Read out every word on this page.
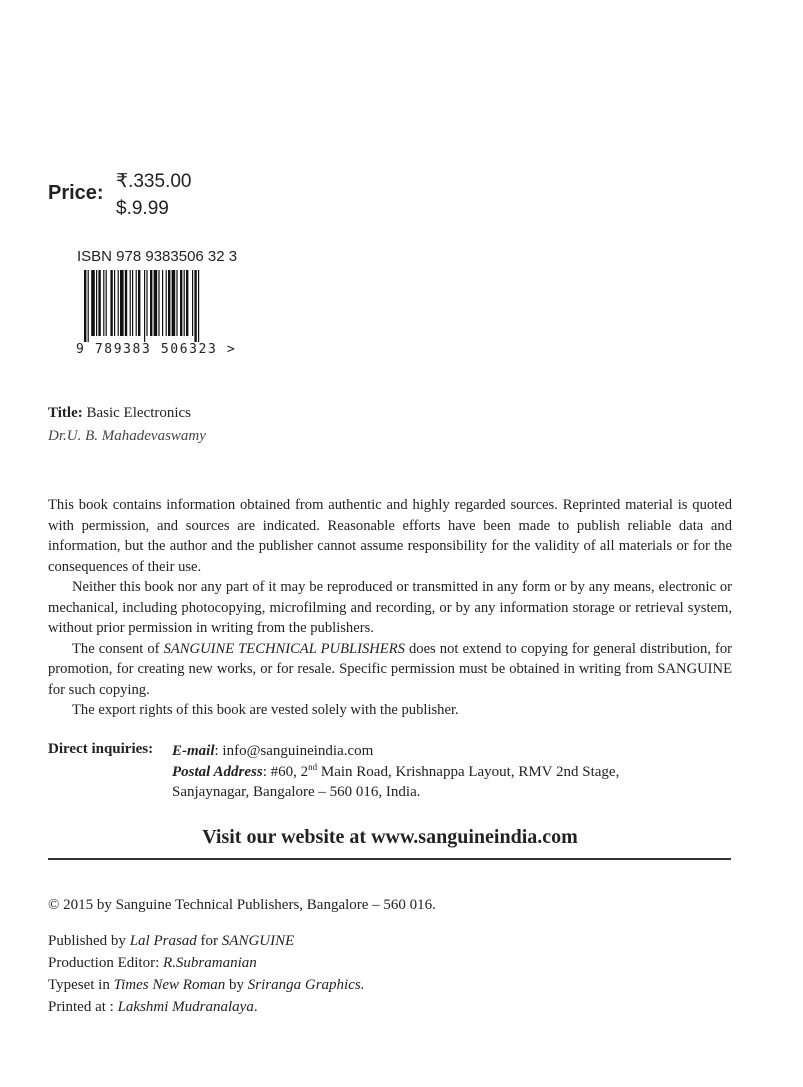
Price:
₹.335.00
$.9.99
ISBN 978 9383506 32 3
9 789383 506323 >
Title: Basic Electronics
Dr.U. B. Mahadevaswamy

This book contains information obtained from authentic and highly regarded sources. Reprinted material is quoted with permission, and sources are indicated. Reasonable efforts have been made to publish reliable data and information, but the author and the publisher cannot assume responsibility for the validity of all materials or for the consequences of their use.

Neither this book nor any part of it may be reproduced or transmitted in any form or by any means, electronic or mechanical, including photocopying, microfilming and recording, or by any information storage or retrieval system, without prior permission in writing from the publishers.

The consent of SANGUINE TECHNICAL PUBLISHERS does not extend to copying for general distribution, for promotion, for creating new works, or for resale. Specific permission must be obtained in writing from SANGUINE for such copying.

The export rights of this book are vested solely with the publisher.

Direct inquiries: E-mail: info@sanguineindia.com
Postal Address: #60, 2nd Main Road, Krishnappa Layout, RMV 2nd Stage,
Sanjaynagar, Bangalore – 560 016, India.
Visit our website at www.sanguineindia.com
© 2015 by Sanguine Technical Publishers, Bangalore – 560 016.
Published by Lal Prasad for SANGUINE
Production Editor: R.Subramanian
Typeset in Times New Roman by Sriranga Graphics.
Printed at : Lakshmi Mudranalaya.
